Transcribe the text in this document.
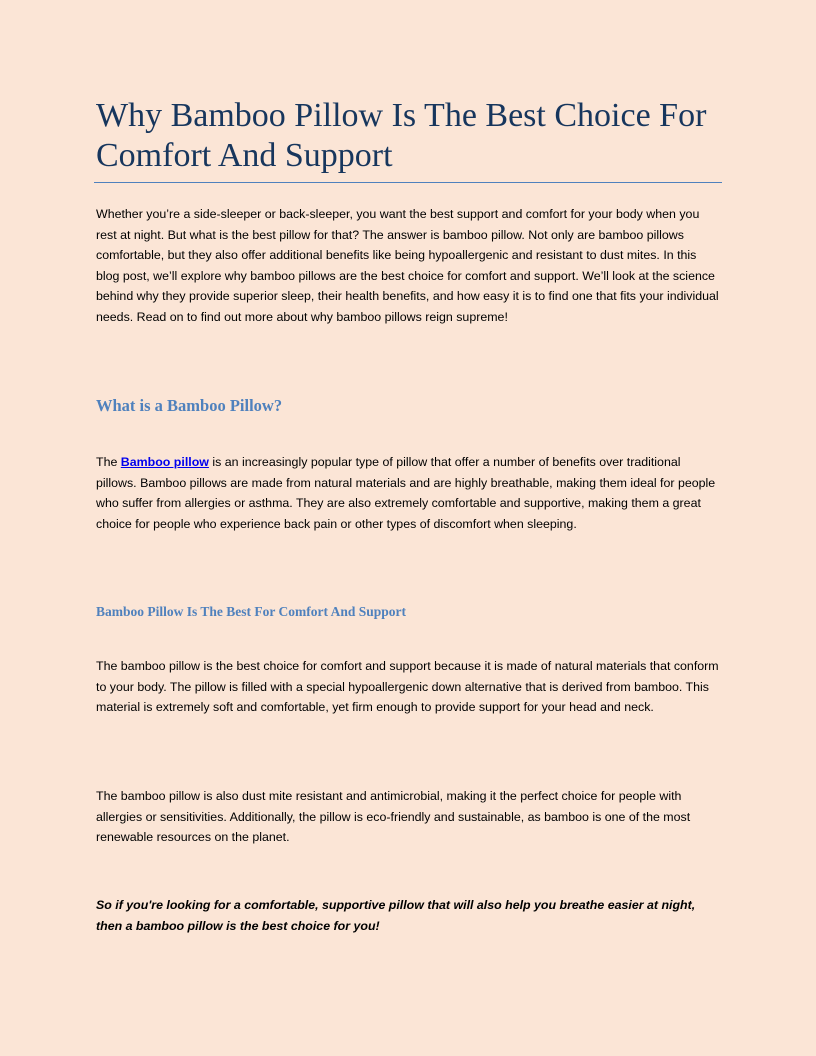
Why Bamboo Pillow Is The Best Choice For Comfort And Support

Whether you’re a side-sleeper or back-sleeper, you want the best support and comfort for your body when you rest at night. But what is the best pillow for that? The answer is bamboo pillow. Not only are bamboo pillows comfortable, but they also offer additional benefits like being hypoallergenic and resistant to dust mites. In this blog post, we’ll explore why bamboo pillows are the best choice for comfort and support. We’ll look at the science behind why they provide superior sleep, their health benefits, and how easy it is to find one that fits your individual needs. Read on to find out more about why bamboo pillows reign supreme!

What is a Bamboo Pillow?

The Bamboo pillow is an increasingly popular type of pillow that offer a number of benefits over traditional pillows. Bamboo pillows are made from natural materials and are highly breathable, making them ideal for people who suffer from allergies or asthma. They are also extremely comfortable and supportive, making them a great choice for people who experience back pain or other types of discomfort when sleeping.

Bamboo Pillow Is The Best For Comfort And Support

The bamboo pillow is the best choice for comfort and support because it is made of natural materials that conform to your body. The pillow is filled with a special hypoallergenic down alternative that is derived from bamboo. This material is extremely soft and comfortable, yet firm enough to provide support for your head and neck.

The bamboo pillow is also dust mite resistant and antimicrobial, making it the perfect choice for people with allergies or sensitivities. Additionally, the pillow is eco-friendly and sustainable, as bamboo is one of the most renewable resources on the planet.

So if you're looking for a comfortable, supportive pillow that will also help you breathe easier at night, then a bamboo pillow is the best choice for you!
